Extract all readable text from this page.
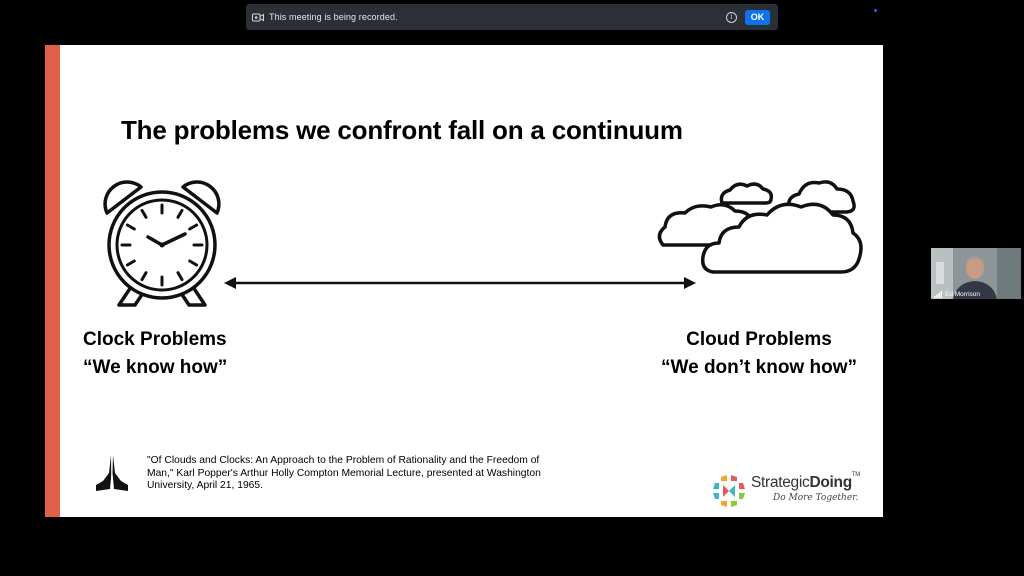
This meeting is being recorded.	i	OK
The problems we confront fall on a continuum
Clock Problems
“We know how”
Cloud Problems
“We don’t know how”
"Of Clouds and Clocks: An Approach to the Problem of Rationality and the Freedom of Man," Karl Popper's Arthur Holly Compton Memorial Lecture, presented at Washington University, April 21, 1965.	StrategicDoing™
Do More Together.
Ed Morrison
